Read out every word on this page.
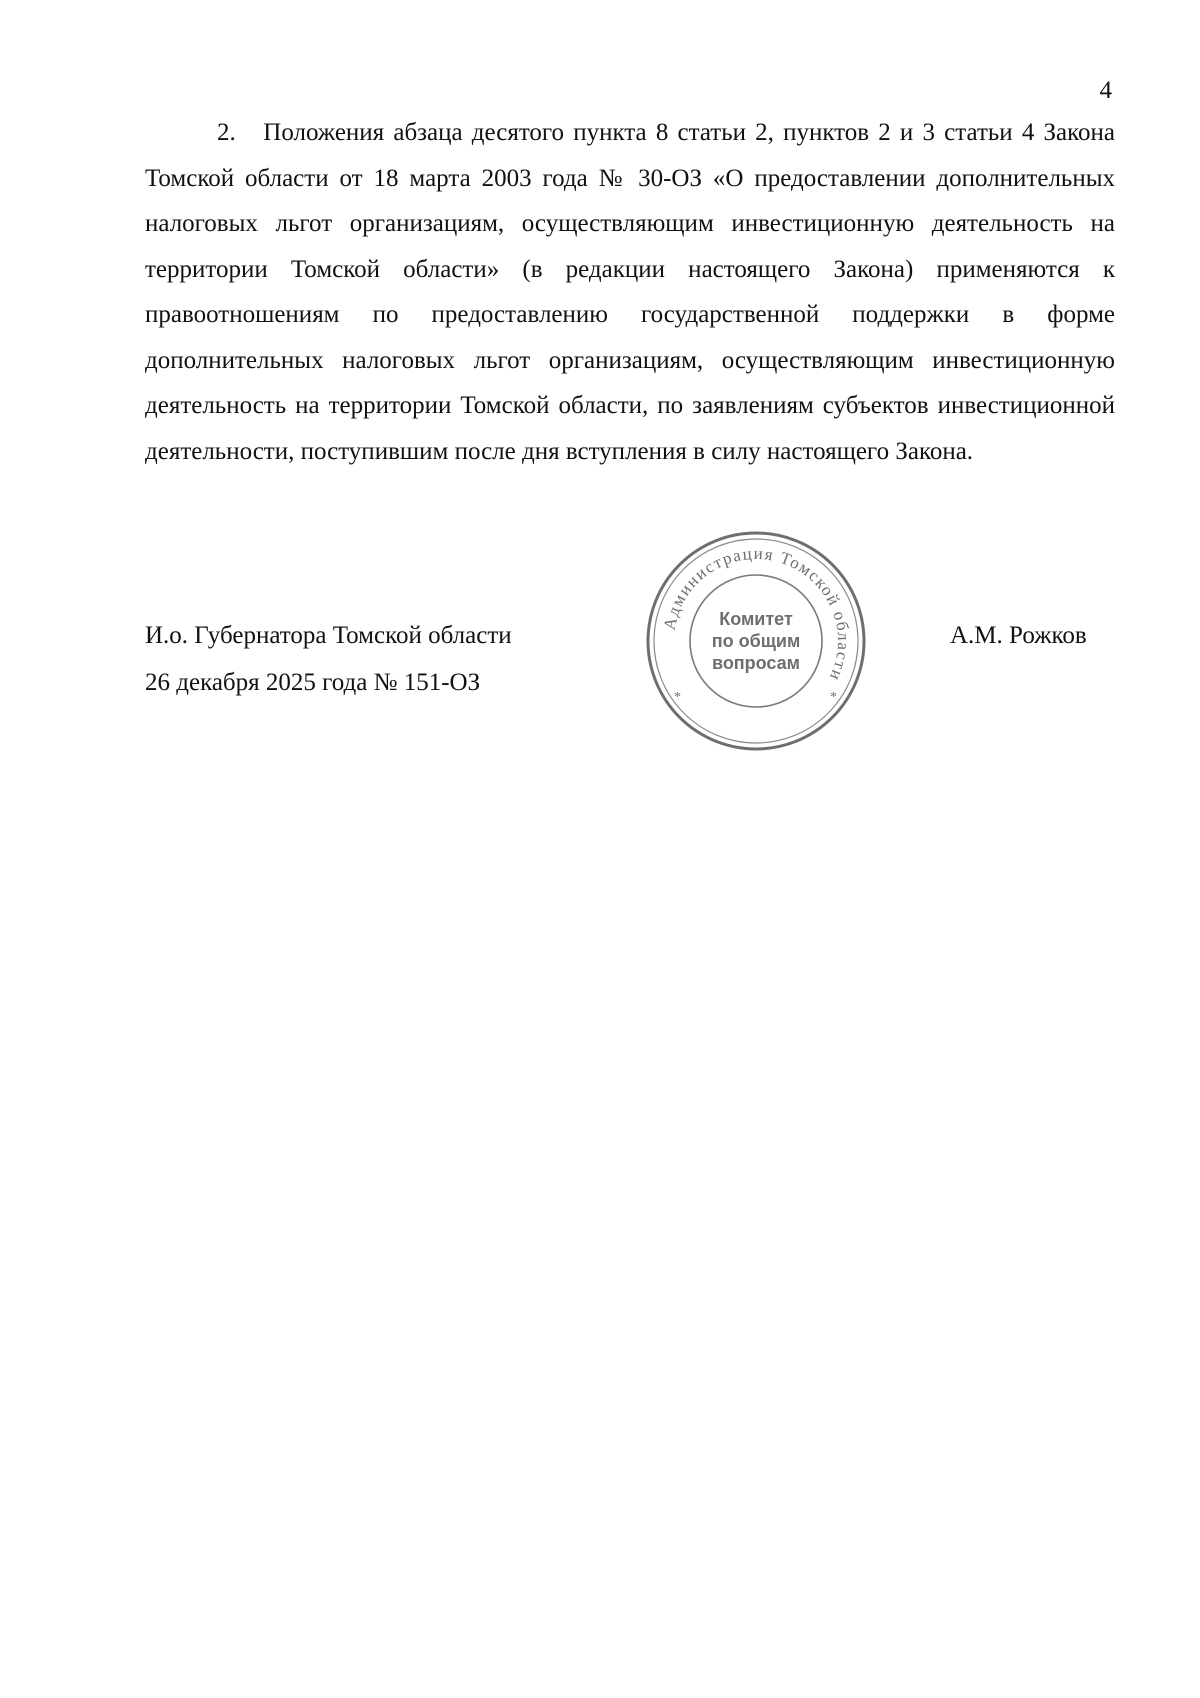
4

2.   Положения абзаца десятого пункта 8 статьи 2, пунктов 2 и 3 статьи 4 Закона Томской области от 18 марта 2003 года № 30-ОЗ «О предоставлении дополнительных налоговых льгот организациям, осуществляющим инвестиционную деятельность на территории Томской области» (в редакции настоящего Закона) применяются к правоотношениям по предоставлению государственной поддержки в форме дополнительных налоговых льгот организациям, осуществляющим инвестиционную деятельность на территории Томской области, по заявлениям субъектов инвестиционной деятельности, поступившим после дня вступления в силу настоящего Закона.

И.о. Губернатора Томской области
26 декабря 2025 года № 151-ОЗ
А.М. Рожков
Администрация Томской области
*	*
Комитет
по общим
вопросам
